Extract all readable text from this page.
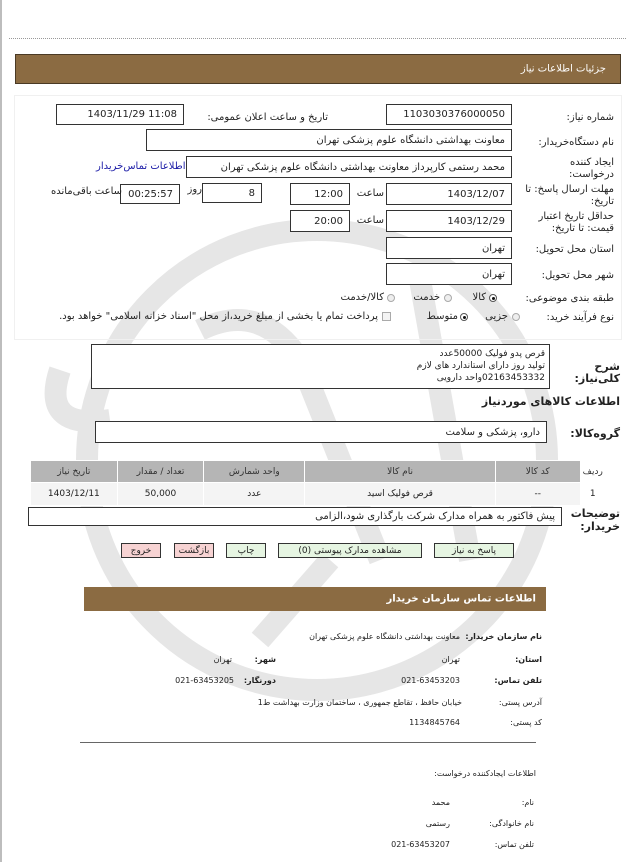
جزئیات اطلاعات نیاز
شماره نیاز:
1103030376000050
تاریخ و ساعت اعلان عمومی:
1403/11/29 11:08
نام دستگاه‌خریدار:
معاونت بهداشتی دانشگاه علوم پزشکی تهران
ایجاد کننده درخواست:
محمد رستمی کارپرداز معاونت بهداشتی دانشگاه علوم پزشکی تهران
اطلاعات تماس‌خریدار
مهلت ارسال پاسخ: تا تاریخ:
1403/12/07
ساعت
12:00
8
روز
00:25:57
ساعت باقی‌مانده
حداقل تاریخ اعتبار قیمت: تا تاریخ:
1403/12/29
ساعت
20:00
استان محل تحویل:
تهران
شهر محل تحویل:
تهران
طبقه بندی موضوعی:
کالا
خدمت
کالا/خدمت
نوع فرآیند خرید:
جزیی
متوسط
پرداخت تمام یا بخشی از مبلغ خرید،از محل "اسناد خزانه اسلامی" خواهد بود.
شرح کلی‌نیاز:
قرص پدو فولیک 50000عدد
تولید روز دارای استاندارد های لازم
02163453332واحد دارویی
اطلاعات کالاهای موردنیاز
گروه‌کالا:
دارو، پزشکی و سلامت
ردیف	کد کالا	نام کالا	واحد شمارش	تعداد / مقدار	تاریخ نیاز
1	--	قرص فولیک اسید	عدد	50,000	1403/12/11
توضیحات خریدار:
پیش فاکتور به همراه مدارک شرکت بارگذاری شود،الزامی
پاسخ به نیاز
مشاهده مدارک پیوستی (0)
چاپ
بازگشت
خروج
اطلاعات تماس سازمان خریدار
نام سازمان خریدار:
معاونت بهداشتی دانشگاه علوم پزشکی تهران
استان:
تهران
شهر:
تهران
تلفن تماس:
021-63453203
دورنگار:
021-63453205
آدرس پستی:
خیابان حافظ ، تقاطع جمهوری ، ساختمان وزارت بهداشت ط1
کد پستی:
1134845764
اطلاعات ایجادکننده درخواست:
نام:
محمد
نام خانوادگی:
رستمی
تلفن تماس:
021-63453207
